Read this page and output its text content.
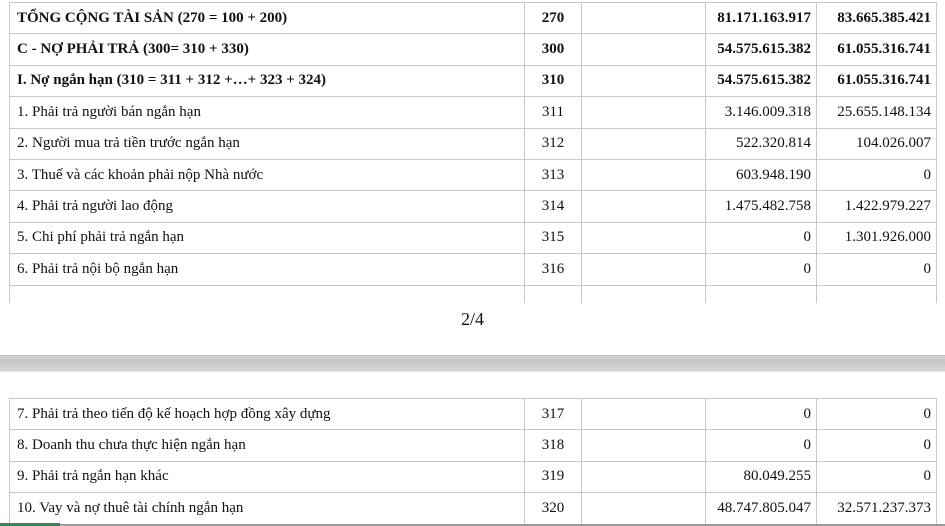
TỔNG CỘNG TÀI SẢN (270 = 100 + 200)	270		81.171.163.917	83.665.385.421
C - NỢ PHẢI TRẢ (300= 310 + 330)	300		54.575.615.382	61.055.316.741
I. Nợ ngắn hạn (310 = 311 + 312 +…+ 323 + 324)	310		54.575.615.382	61.055.316.741
1. Phải trả người bán ngắn hạn	311		3.146.009.318	25.655.148.134
2. Người mua trả tiền trước ngắn hạn	312		522.320.814	104.026.007
3. Thuế và các khoản phải nộp Nhà nước	313		603.948.190	0
4. Phải trả người lao động	314		1.475.482.758	1.422.979.227
5. Chi phí phải trả ngắn hạn	315		0	1.301.926.000
6. Phải trả nội bộ ngắn hạn	316		0	0

2/4
7. Phải trả theo tiến độ kế hoạch hợp đồng xây dựng	317		0	0
8. Doanh thu chưa thực hiện ngắn hạn	318		0	0
9. Phải trả ngắn hạn khác	319		80.049.255	0
10. Vay và nợ thuê tài chính ngắn hạn	320		48.747.805.047	32.571.237.373
